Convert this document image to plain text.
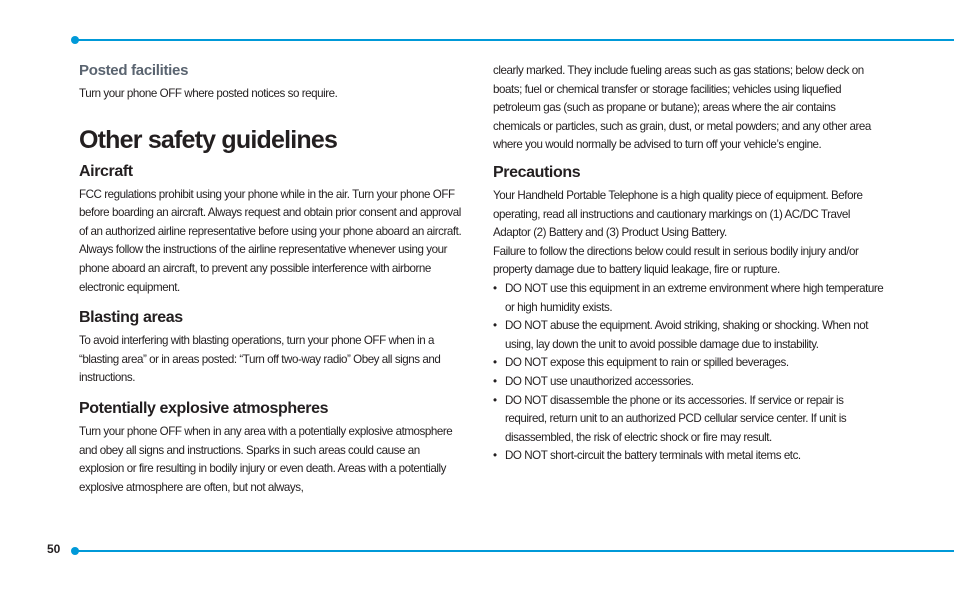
50
Posted facilities

Turn your phone OFF where posted notices so require.

Other safety guidelines
Aircraft

FCC regulations prohibit using your phone while in the air. Turn your phone OFF before boarding an aircraft. Always request and obtain prior consent and approval of an authorized airline representative before using your phone aboard an aircraft.

Always follow the instructions of the airline representative whenever using your phone aboard an aircraft, to prevent any possible interference with airborne electronic equipment.

Blasting areas

To avoid interfering with blasting operations, turn your phone OFF when in a “blasting area” or in areas posted: “Turn off two-way radio” Obey all signs and instructions.

Potentially explosive atmospheres

Turn your phone OFF when in any area with a potentially explosive atmosphere and obey all signs and instructions. Sparks in such areas could cause an explosion or fire resulting in bodily injury or even death. Areas with a potentially explosive atmosphere are often, but not always,

clearly marked. They include fueling areas such as gas stations; below deck on boats; fuel or chemical transfer or storage facilities; vehicles using liquefied petroleum gas (such as propane or butane); areas where the air contains chemicals or particles, such as grain, dust, or metal powders; and any other area where you would normally be advised to turn off your vehicle’s engine.

Precautions

Your Handheld Portable Telephone is a high quality piece of equipment. Before operating, read all instructions and cautionary markings on (1) AC/DC Travel Adaptor (2) Battery and (3) Product Using Battery.

Failure to follow the directions below could result in serious bodily injury and/or property damage due to battery liquid leakage, fire or rupture.

• DO NOT use this equipment in an extreme environment where high temperature or high humidity exists.
• DO NOT abuse the equipment. Avoid striking, shaking or shocking. When not using, lay down the unit to avoid possible damage due to instability.
• DO NOT expose this equipment to rain or spilled beverages.
• DO NOT use unauthorized accessories.
• DO NOT disassemble the phone or its accessories. If service or repair is required, return unit to an authorized PCD cellular service center. If unit is disassembled, the risk of electric shock or fire may result.
• DO NOT short-circuit the battery terminals with metal items etc.
